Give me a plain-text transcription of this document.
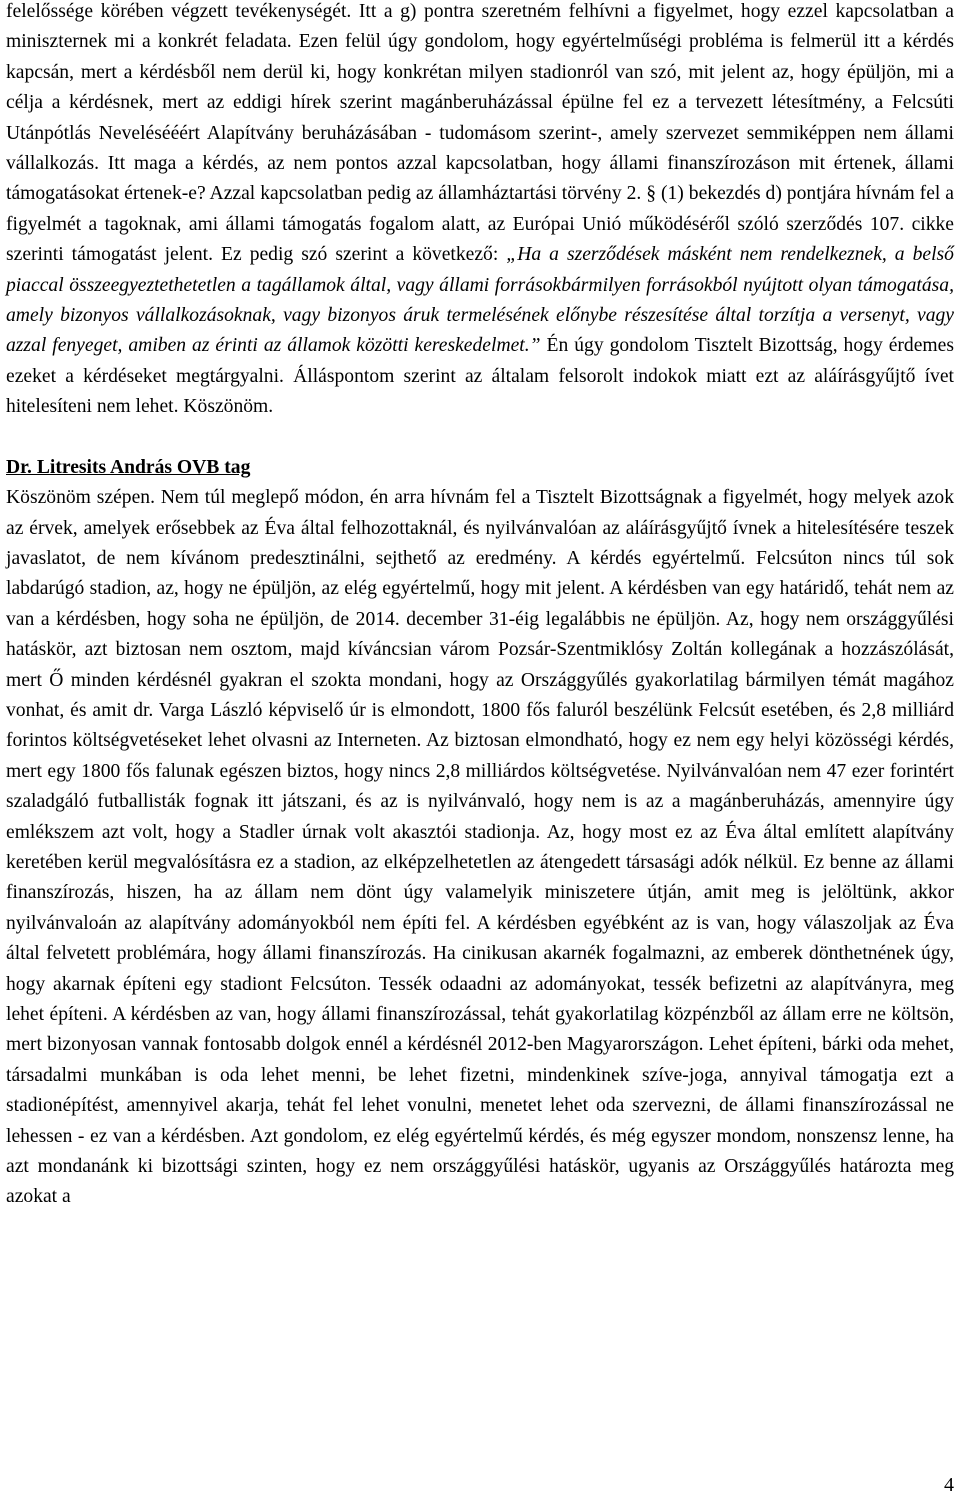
felelőssége körében végzett tevékenységét. Itt a g) pontra szeretném felhívni a figyelmet, hogy ezzel kapcsolatban a miniszternek mi a konkrét feladata. Ezen felül úgy gondolom, hogy egyértelműségi probléma is felmerül itt a kérdés kapcsán, mert a kérdésből nem derül ki, hogy konkrétan milyen stadionról van szó, mit jelent az, hogy épüljön, mi a célja a kérdésnek, mert az eddigi hírek szerint magánberuházással épülne fel ez a tervezett létesítmény, a Felcsúti Utánpótlás Nevelésééért Alapítvány beruházásában - tudomásom szerint-, amely szervezet semmiképpen nem állami vállalkozás. Itt maga a kérdés, az nem pontos azzal kapcsolatban, hogy állami finanszírozáson mit értenek, állami támogatásokat értenek-e? Azzal kapcsolatban pedig az államháztartási törvény 2. § (1) bekezdés d) pontjára hívnám fel a figyelmét a tagoknak, ami állami támogatás fogalom alatt, az Európai Unió működéséről szóló szerződés 107. cikke szerinti támogatást jelent. Ez pedig szó szerint a következő: „Ha a szerződések másként nem rendelkeznek, a belső piaccal összeegyeztethetetlen a tagállamok által, vagy állami forrásokbármilyen forrásokból nyújtott olyan támogatása, amely bizonyos vállalkozásoknak, vagy bizonyos áruk termelésének előnybe részesítése által torzítja a versenyt, vagy azzal fenyeget, amiben az érinti az államok közötti kereskedelmet.” Én úgy gondolom Tisztelt Bizottság, hogy érdemes ezeket a kérdéseket megtárgyalni. Álláspontom szerint az általam felsorolt indokok miatt ezt az aláírásgyűjtő ívet hitelesíteni nem lehet. Köszönöm.

Dr. Litresits András OVB tag

Köszönöm szépen. Nem túl meglepő módon, én arra hívnám fel a Tisztelt Bizottságnak a figyelmét, hogy melyek azok az érvek, amelyek erősebbek az Éva által felhozottaknál, és nyilvánvalóan az aláírásgyűjtő ívnek a hitelesítésére teszek javaslatot, de nem kívánom predesztinálni, sejthető az eredmény. A kérdés egyértelmű. Felcsúton nincs túl sok labdarúgó stadion, az, hogy ne épüljön, az elég egyértelmű, hogy mit jelent. A kérdésben van egy határidő, tehát nem az van a kérdésben, hogy soha ne épüljön, de 2014. december 31-éig legalábbis ne épüljön. Az, hogy nem országgyűlési hatáskör, azt biztosan nem osztom, majd kíváncsian várom Pozsár-Szentmiklósy Zoltán kollegának a hozzászólását, mert Ő minden kérdésnél gyakran el szokta mondani, hogy az Országgyűlés gyakorlatilag bármilyen témát magához vonhat, és amit dr. Varga László képviselő úr is elmondott, 1800 fős faluról beszélünk Felcsút esetében, és 2,8 milliárd forintos költségvetéseket lehet olvasni az Interneten. Az biztosan elmondható, hogy ez nem egy helyi közösségi kérdés, mert egy 1800 fős falunak egészen biztos, hogy nincs 2,8 milliárdos költségvetése. Nyilvánvalóan nem 47 ezer forintért szaladgáló futballisták fognak itt játszani, és az is nyilvánvaló, hogy nem is az a magánberuházás, amennyire úgy emlékszem azt volt, hogy a Stadler úrnak volt akasztói stadionja. Az, hogy most ez az Éva által említett alapítvány keretében kerül megvalósításra ez a stadion, az elképzelhetetlen az átengedett társasági adók nélkül. Ez benne az állami finanszírozás, hiszen, ha az állam nem dönt úgy valamelyik miniszetere útján, amit meg is jelöltünk, akkor nyilvánvaloán az alapítvány adományokból nem építi fel. A kérdésben egyébként az is van, hogy válaszoljak az Éva által felvetett problémára, hogy állami finanszírozás. Ha cinikusan akarnék fogalmazni, az emberek dönthetnének úgy, hogy akarnak építeni egy stadiont Felcsúton. Tessék odaadni az adományokat, tessék befizetni az alapítványra, meg lehet építeni. A kérdésben az van, hogy állami finanszírozással, tehát gyakorlatilag közpénzből az állam erre ne költsön, mert bizonyosan vannak fontosabb dolgok ennél a kérdésnél 2012-ben Magyarországon. Lehet építeni, bárki oda mehet, társadalmi munkában is oda lehet menni, be lehet fizetni, mindenkinek szíve-joga, annyival támogatja ezt a stadionépítést, amennyivel akarja, tehát fel lehet vonulni, menetet lehet oda szervezni, de állami finanszírozással ne lehessen - ez van a kérdésben. Azt gondolom, ez elég egyértelmű kérdés, és még egyszer mondom, nonszensz lenne, ha azt mondanánk ki bizottsági szinten, hogy ez nem országgyűlési hatáskör, ugyanis az Országgyűlés határozta meg azokat a

4
